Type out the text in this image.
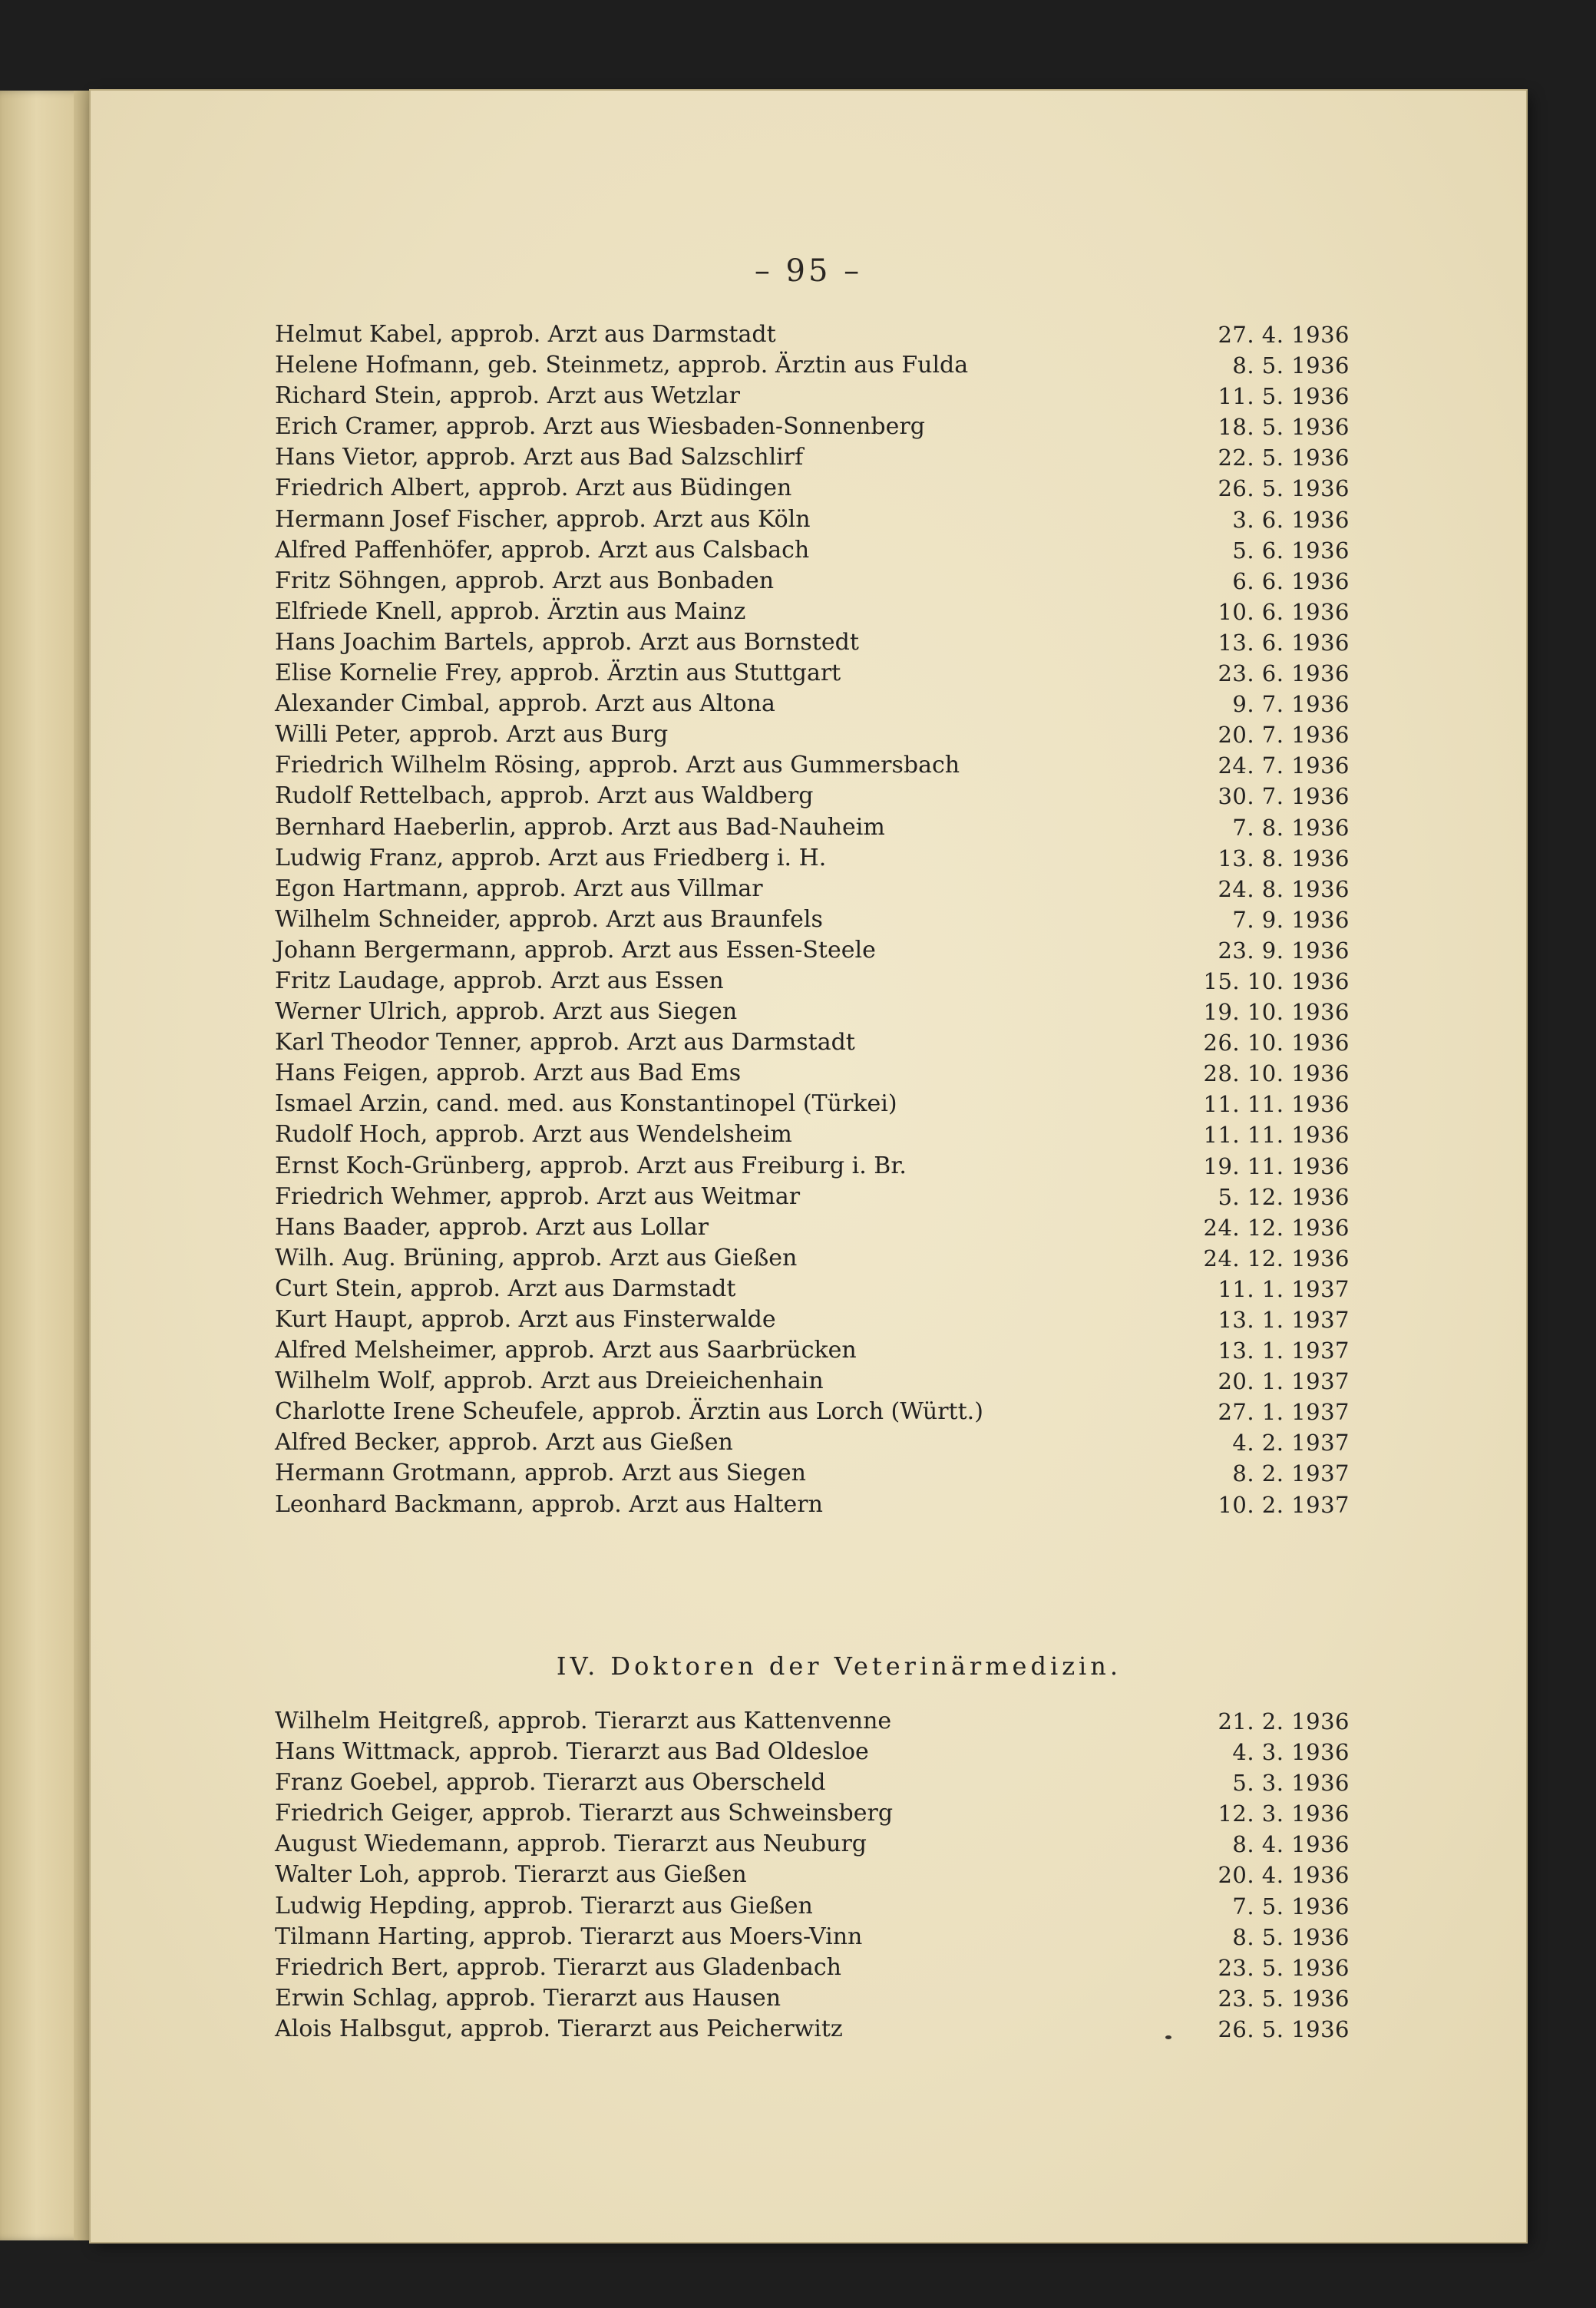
– 95 –
Helmut Kabel, approb. Arzt aus Darmstadt	27. 4. 1936
Helene Hofmann, geb. Steinmetz, approb. Ärztin aus Fulda	8. 5. 1936
Richard Stein, approb. Arzt aus Wetzlar	11. 5. 1936
Erich Cramer, approb. Arzt aus Wiesbaden-Sonnenberg	18. 5. 1936
Hans Vietor, approb. Arzt aus Bad Salzschlirf	22. 5. 1936
Friedrich Albert, approb. Arzt aus Büdingen	26. 5. 1936
Hermann Josef Fischer, approb. Arzt aus Köln	3. 6. 1936
Alfred Paffenhöfer, approb. Arzt aus Calsbach	5. 6. 1936
Fritz Söhngen, approb. Arzt aus Bonbaden	6. 6. 1936
Elfriede Knell, approb. Ärztin aus Mainz	10. 6. 1936
Hans Joachim Bartels, approb. Arzt aus Bornstedt	13. 6. 1936
Elise Kornelie Frey, approb. Ärztin aus Stuttgart	23. 6. 1936
Alexander Cimbal, approb. Arzt aus Altona	9. 7. 1936
Willi Peter, approb. Arzt aus Burg	20. 7. 1936
Friedrich Wilhelm Rösing, approb. Arzt aus Gummersbach	24. 7. 1936
Rudolf Rettelbach, approb. Arzt aus Waldberg	30. 7. 1936
Bernhard Haeberlin, approb. Arzt aus Bad-Nauheim	7. 8. 1936
Ludwig Franz, approb. Arzt aus Friedberg i. H.	13. 8. 1936
Egon Hartmann, approb. Arzt aus Villmar	24. 8. 1936
Wilhelm Schneider, approb. Arzt aus Braunfels	7. 9. 1936
Johann Bergermann, approb. Arzt aus Essen-Steele	23. 9. 1936
Fritz Laudage, approb. Arzt aus Essen	15. 10. 1936
Werner Ulrich, approb. Arzt aus Siegen	19. 10. 1936
Karl Theodor Tenner, approb. Arzt aus Darmstadt	26. 10. 1936
Hans Feigen, approb. Arzt aus Bad Ems	28. 10. 1936
Ismael Arzin, cand. med. aus Konstantinopel (Türkei)	11. 11. 1936
Rudolf Hoch, approb. Arzt aus Wendelsheim	11. 11. 1936
Ernst Koch-Grünberg, approb. Arzt aus Freiburg i. Br.	19. 11. 1936
Friedrich Wehmer, approb. Arzt aus Weitmar	5. 12. 1936
Hans Baader, approb. Arzt aus Lollar	24. 12. 1936
Wilh. Aug. Brüning, approb. Arzt aus Gießen	24. 12. 1936
Curt Stein, approb. Arzt aus Darmstadt	11. 1. 1937
Kurt Haupt, approb. Arzt aus Finsterwalde	13. 1. 1937
Alfred Melsheimer, approb. Arzt aus Saarbrücken	13. 1. 1937
Wilhelm Wolf, approb. Arzt aus Dreieichenhain	20. 1. 1937
Charlotte Irene Scheufele, approb. Ärztin aus Lorch (Württ.)	27. 1. 1937
Alfred Becker, approb. Arzt aus Gießen	4. 2. 1937
Hermann Grotmann, approb. Arzt aus Siegen	8. 2. 1937
Leonhard Backmann, approb. Arzt aus Haltern	10. 2. 1937
IV. Doktoren der Veterinärmedizin.
Wilhelm Heitgreß, approb. Tierarzt aus Kattenvenne	21. 2. 1936
Hans Wittmack, approb. Tierarzt aus Bad Oldesloe	4. 3. 1936
Franz Goebel, approb. Tierarzt aus Oberscheld	5. 3. 1936
Friedrich Geiger, approb. Tierarzt aus Schweinsberg	12. 3. 1936
August Wiedemann, approb. Tierarzt aus Neuburg	8. 4. 1936
Walter Loh, approb. Tierarzt aus Gießen	20. 4. 1936
Ludwig Hepding, approb. Tierarzt aus Gießen	7. 5. 1936
Tilmann Harting, approb. Tierarzt aus Moers-Vinn	8. 5. 1936
Friedrich Bert, approb. Tierarzt aus Gladenbach	23. 5. 1936
Erwin Schlag, approb. Tierarzt aus Hausen	23. 5. 1936
Alois Halbsgut, approb. Tierarzt aus Peicherwitz	26. 5. 1936
